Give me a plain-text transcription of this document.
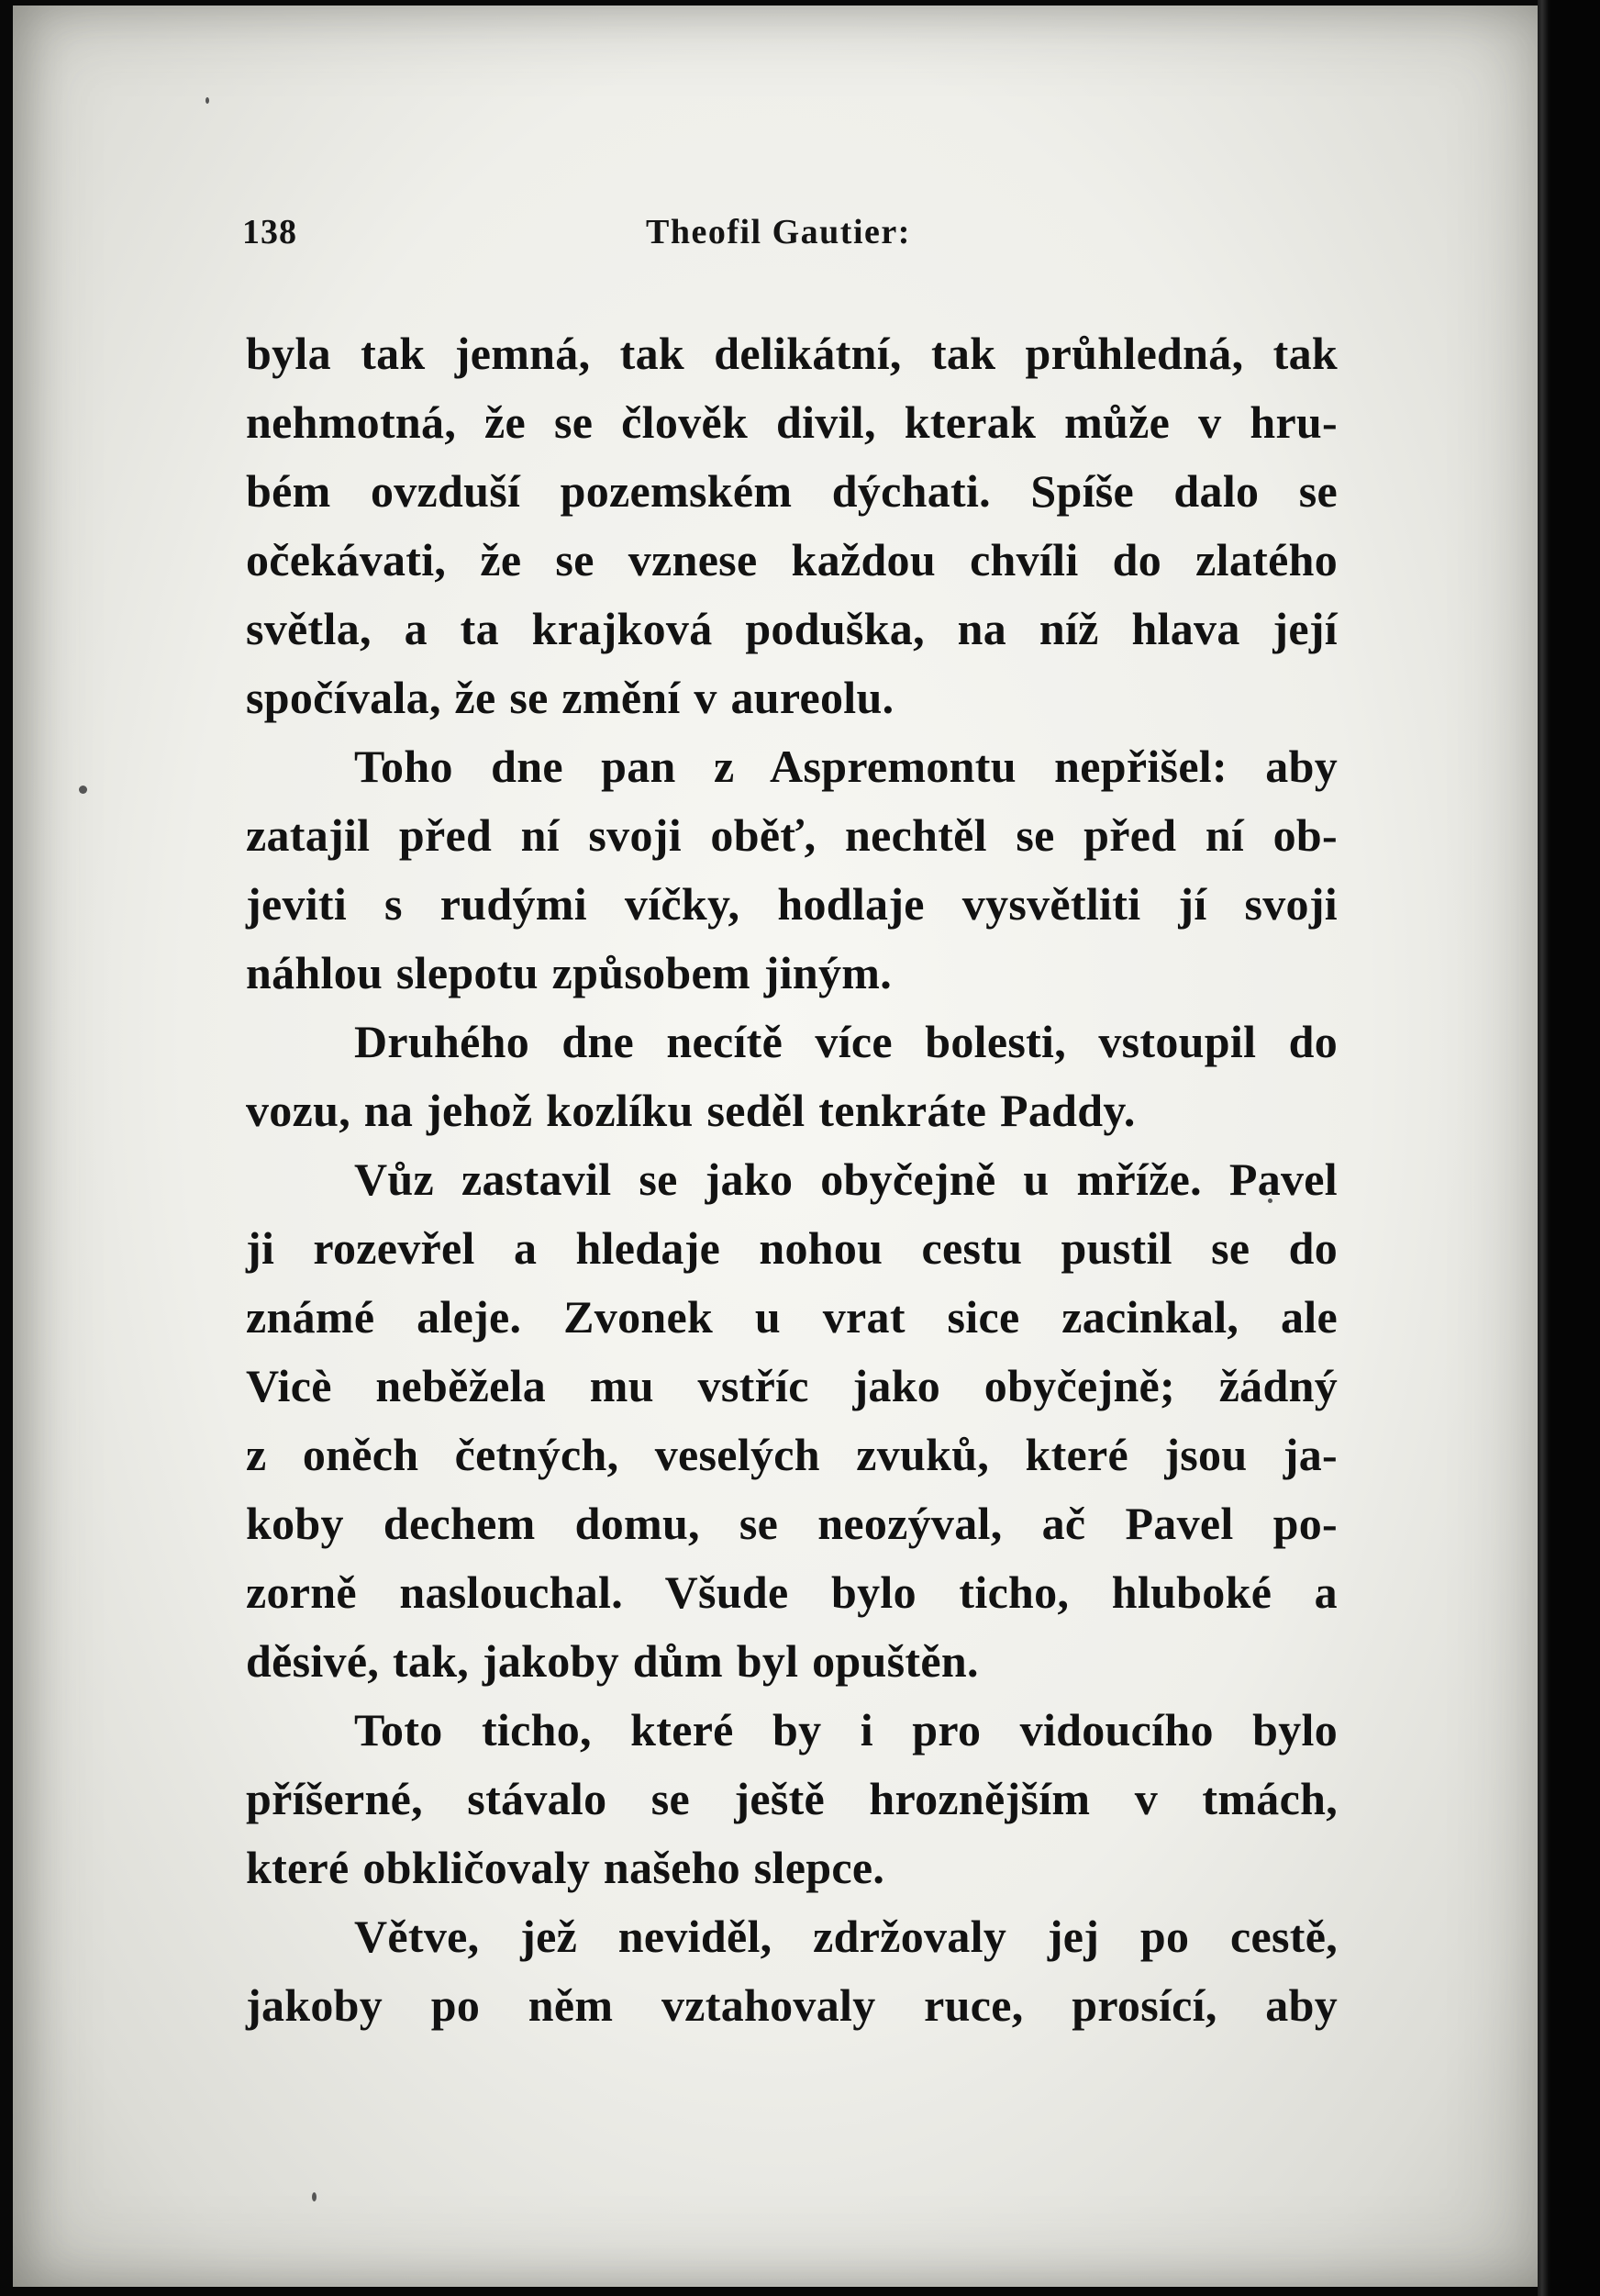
138	Theofil Gautier:
byla tak jemná, tak delikátní, tak průhledná, tak
nehmotná, že se člověk divil, kterak může v hru-
bém ovzduší pozemském dýchati. Spíše dalo se
očekávati, že se vznese každou chvíli do zlatého
světla, a ta krajková poduška, na níž hlava její
spočívala, že se změní v aureolu.
Toho dne pan z Aspremontu nepřišel: aby
zatajil před ní svoji oběť, nechtěl se před ní ob-
jeviti s rudými víčky, hodlaje vysvětliti jí svoji
náhlou slepotu způsobem jiným.
Druhého dne necítě více bolesti, vstoupil do
vozu, na jehož kozlíku seděl tenkráte Paddy.
Vůz zastavil se jako obyčejně u mříže. Pavel
ji rozevřel a hledaje nohou cestu pustil se do
známé aleje. Zvonek u vrat sice zacinkal, ale
Vicè neběžela mu vstříc jako obyčejně; žádný
z oněch četných, veselých zvuků, které jsou ja-
koby dechem domu, se neozýval, ač Pavel po-
zorně naslouchal. Všude bylo ticho, hluboké a
děsivé, tak, jakoby dům byl opuštěn.
Toto ticho, které by i pro vidoucího bylo
příšerné, stávalo se ještě hroznějším v tmách,
které obkličovaly našeho slepce.
Větve, jež neviděl, zdržovaly jej po cestě,
jakoby po něm vztahovaly ruce, prosící, aby
